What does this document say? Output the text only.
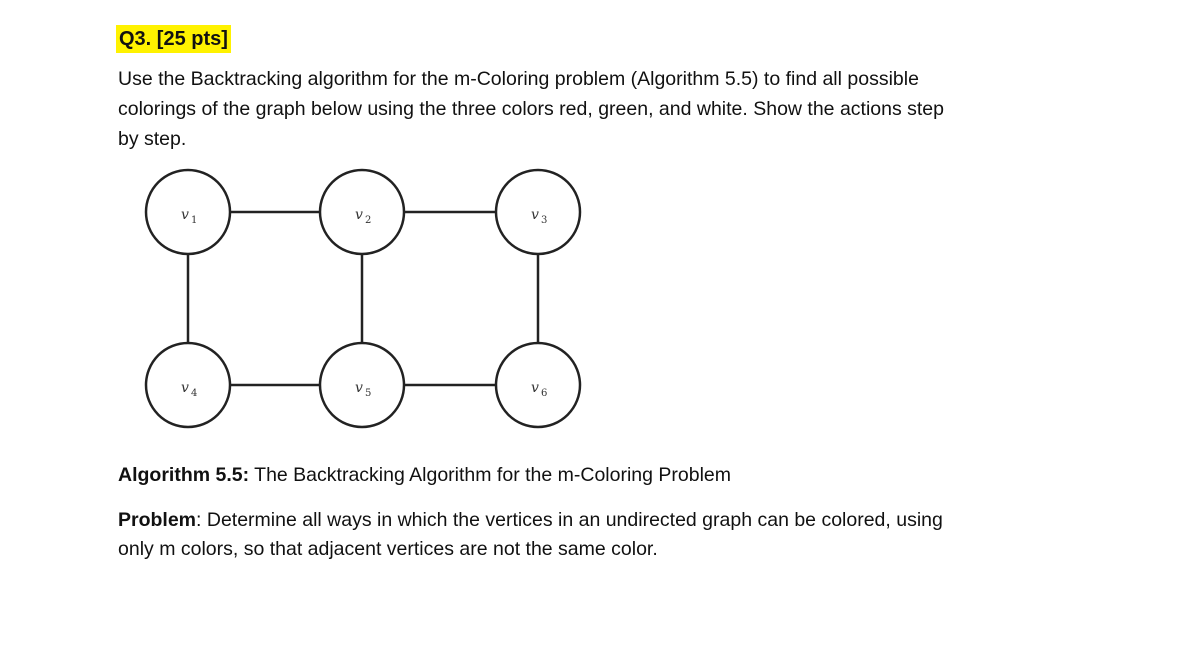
Q3. [25 pts]
Use the Backtracking algorithm for the m-Coloring problem (Algorithm 5.5) to find all possible
colorings of the graph below using the three colors red, green, and white. Show the actions step
by step.
v 1	v 2	v 3
v 4	v 5	v 6
Algorithm 5.5: The Backtracking Algorithm for the m-Coloring Problem
Problem: Determine all ways in which the vertices in an undirected graph can be colored, using
only m colors, so that adjacent vertices are not the same color.
